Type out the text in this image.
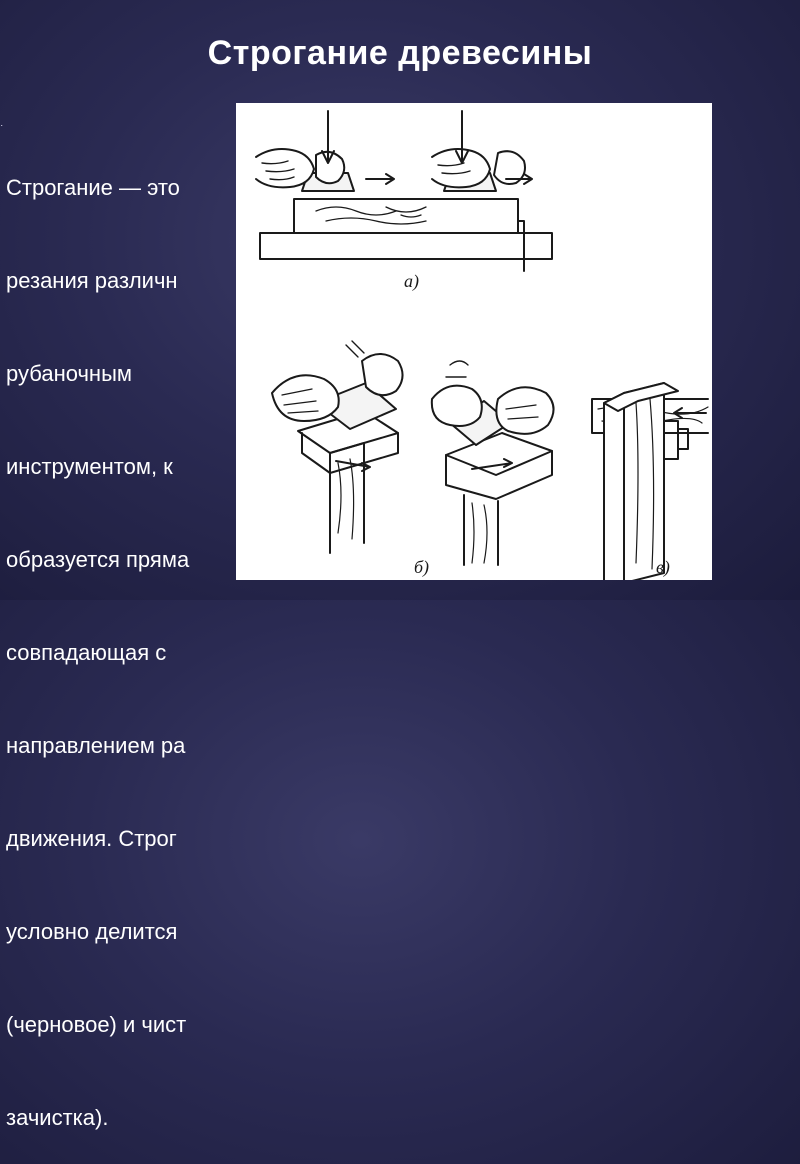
Строгание древесины
․

Строгание — это

резания различн

рубаночным

инструментом, к

образуется пряма

совпадающая с

направлением ра

движения. Строг

условно делится

(черновое) и чист

зачистка).

а)
б)	в)
